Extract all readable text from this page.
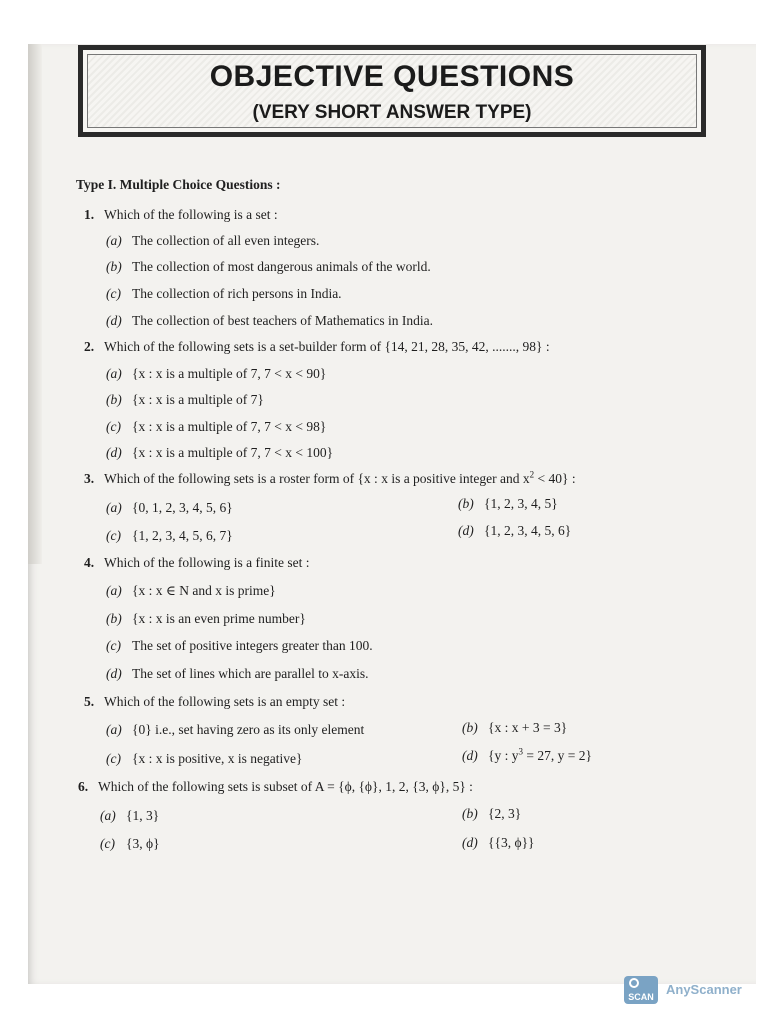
OBJECTIVE QUESTIONS
(VERY SHORT ANSWER TYPE)
Type I. Multiple Choice Questions :
1. Which of the following is a set :
(a) The collection of all even integers.
(b) The collection of most dangerous animals of the world.
(c) The collection of rich persons in India.
(d) The collection of best teachers of Mathematics in India.
2. Which of the following sets is a set-builder form of {14, 21, 28, 35, 42, ......., 98} :
(a) {x : x is a multiple of 7, 7 < x < 90}
(b) {x : x is a multiple of 7}
(c) {x : x is a multiple of 7, 7 < x < 98}
(d) {x : x is a multiple of 7, 7 < x < 100}
3. Which of the following sets is a roster form of {x : x is a positive integer and $x^2 < 40$} :
(a) {0, 1, 2, 3, 4, 5, 6}	(b) {1, 2, 3, 4, 5}
(c) {1, 2, 3, 4, 5, 6, 7}	(d) {1, 2, 3, 4, 5, 6}
4. Which of the following is a finite set :
(a) {x : x ∈ N and x is prime}
(b) {x : x is an even prime number}
(c) The set of positive integers greater than 100.
(d) The set of lines which are parallel to x-axis.
5. Which of the following sets is an empty set :
(a) {0} i.e., set having zero as its only element	(b) {x : x + 3 = 3}
(c) {x : x is positive, x is negative}	(d) {y : $y^3 = 27$, y = 2}
6. Which of the following sets is subset of A = {ϕ, {ϕ}, 1, 2, {3, ϕ}, 5} :
(a) {1, 3}	(b) {2, 3}
(c) {3, ϕ}	(d) {{3, ϕ}}
SCAN AnyScanner
